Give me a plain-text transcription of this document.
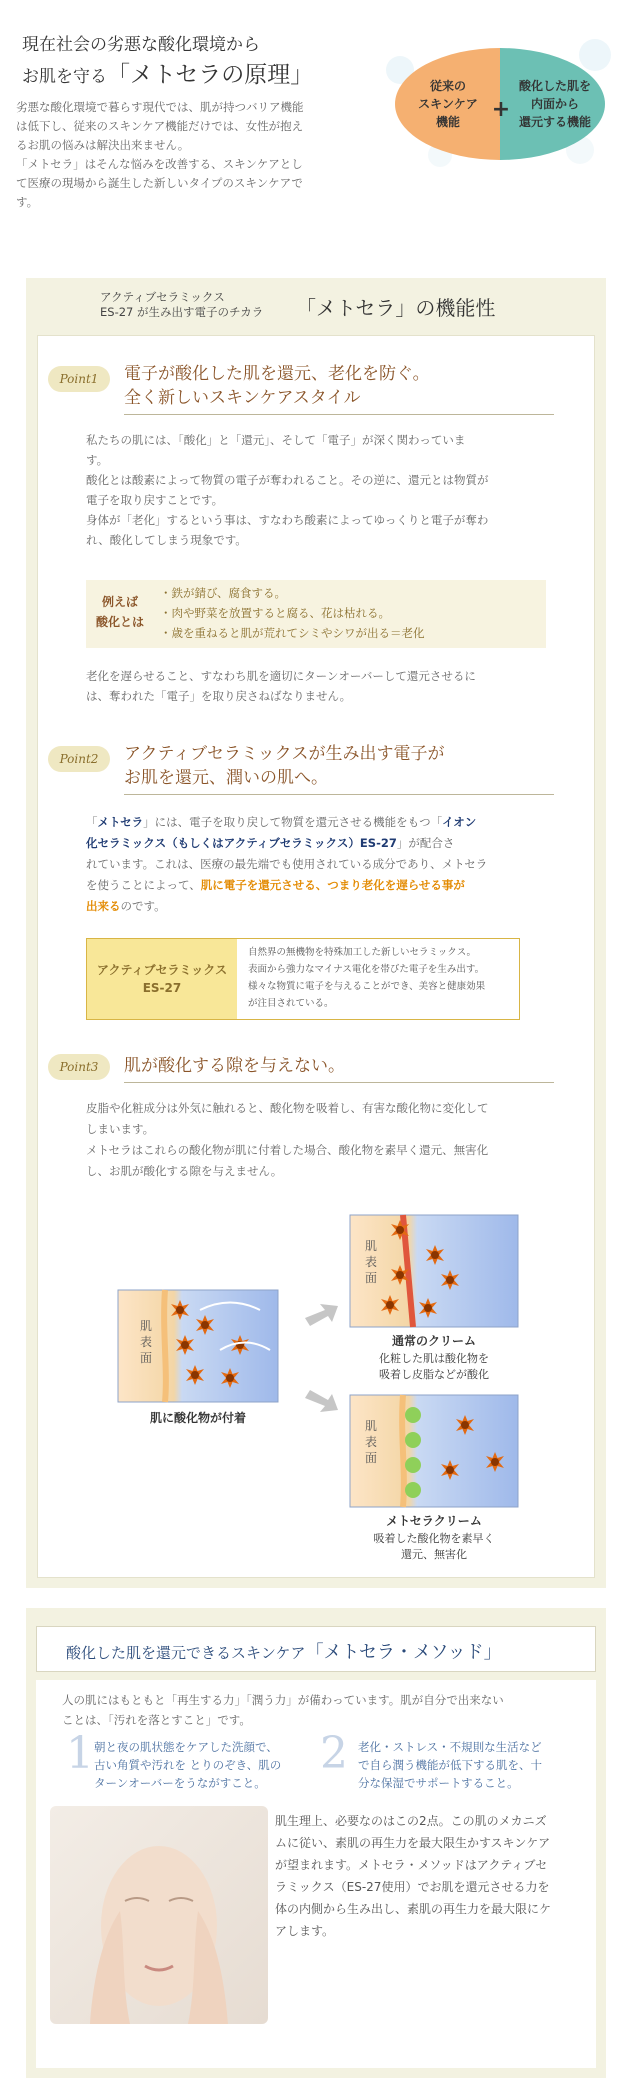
現在社会の劣悪な酸化環境から
お肌を守る「メトセラの原理」
劣悪な酸化環境で暮らす現代では、肌が持つバリア機能
は低下し、従来のスキンケア機能だけでは、女性が抱え
るお肌の悩みは解決出来ません。
「メトセラ」はそんな悩みを改善する、スキンケアとし
て医療の現場から誕生した新しいタイプのスキンケアで
す。
従来の
スキンケア
機能 +
酸化した肌を
内面から
還元する機能
アクティブセラミックス
ES-27 が生み出す電子のチカラ 「メトセラ」の機能性
Point1	電子が酸化した肌を還元、老化を防ぐ。
全く新しいスキンケアスタイル
私たちの肌には、「酸化」と「還元」、そして「電子」が深く関わっていま
す。
酸化とは酸素によって物質の電子が奪われること。その逆に、還元とは物質が
電子を取り戻すことです。
身体が「老化」するという事は、すなわち酸素によってゆっくりと電子が奪わ
れ、酸化してしまう現象です。
例えば
酸化とは
・鉄が錆び、腐食する。
・肉や野菜を放置すると腐る、花は枯れる。
・歳を重ねると肌が荒れてシミやシワが出る＝老化
老化を遅らせること、すなわち肌を適切にターンオーバーして還元させるに
は、奪われた「電子」を取り戻さねばなりません。
Point2	アクティブセラミックスが生み出す電子が
お肌を還元、潤いの肌へ。
「メトセラ」には、電子を取り戻して物質を還元させる機能をもつ「イオン
化セラミックス（もしくはアクティブセラミックス）ES-27」が配合さ
れています。これは、医療の最先端でも使用されている成分であり、メトセラ
を使うことによって、肌に電子を還元させる、つまり老化を遅らせる事が
出来るのです。
アクティブセラミックス
ES-27
自然界の無機物を特殊加工した新しいセラミックス。
表面から強力なマイナス電化を帯びた電子を生み出す。
様々な物質に電子を与えることができ、美容と健康効果
が注目されている。
Point3	肌が酸化する隙を与えない。
皮脂や化粧成分は外気に触れると、酸化物を吸着し、有害な酸化物に変化して
しまいます。
メトセラはこれらの酸化物が肌に付着した場合、酸化物を素早く還元、無害化
し、お肌が酸化する隙を与えません。
肌
表
面
肌に酸化物が付着
肌
表
面
通常のクリーム
化粧した肌は酸化物を
吸着し皮脂などが酸化
肌
表
面
メトセラクリーム
吸着した酸化物を素早く
還元、無害化
酸化した肌を還元できるスキンケア「メトセラ・メソッド」
人の肌にはもともと「再生する力」「潤う力」が備わっています。肌が自分で出来ない
ことは、「汚れを落とすこと」です。
1 朝と夜の肌状態をケアした洗顔で、
古い角質や汚れを とりのぞき、肌の
ターンオーバーをうながすこと。
2 老化・ストレス・不規則な生活など
で自ら潤う機能が低下する肌を、十
分な保湿でサポートすること。
肌生理上、必要なのはこの2点。この肌のメカニズ
ムに従い、素肌の再生力を最大限生かすスキンケア
が望まれます。メトセラ・メソッドはアクティブセ
ラミックス（ES-27使用）でお肌を還元させる力を
体の内側から生み出し、素肌の再生力を最大限にケ
アします。
